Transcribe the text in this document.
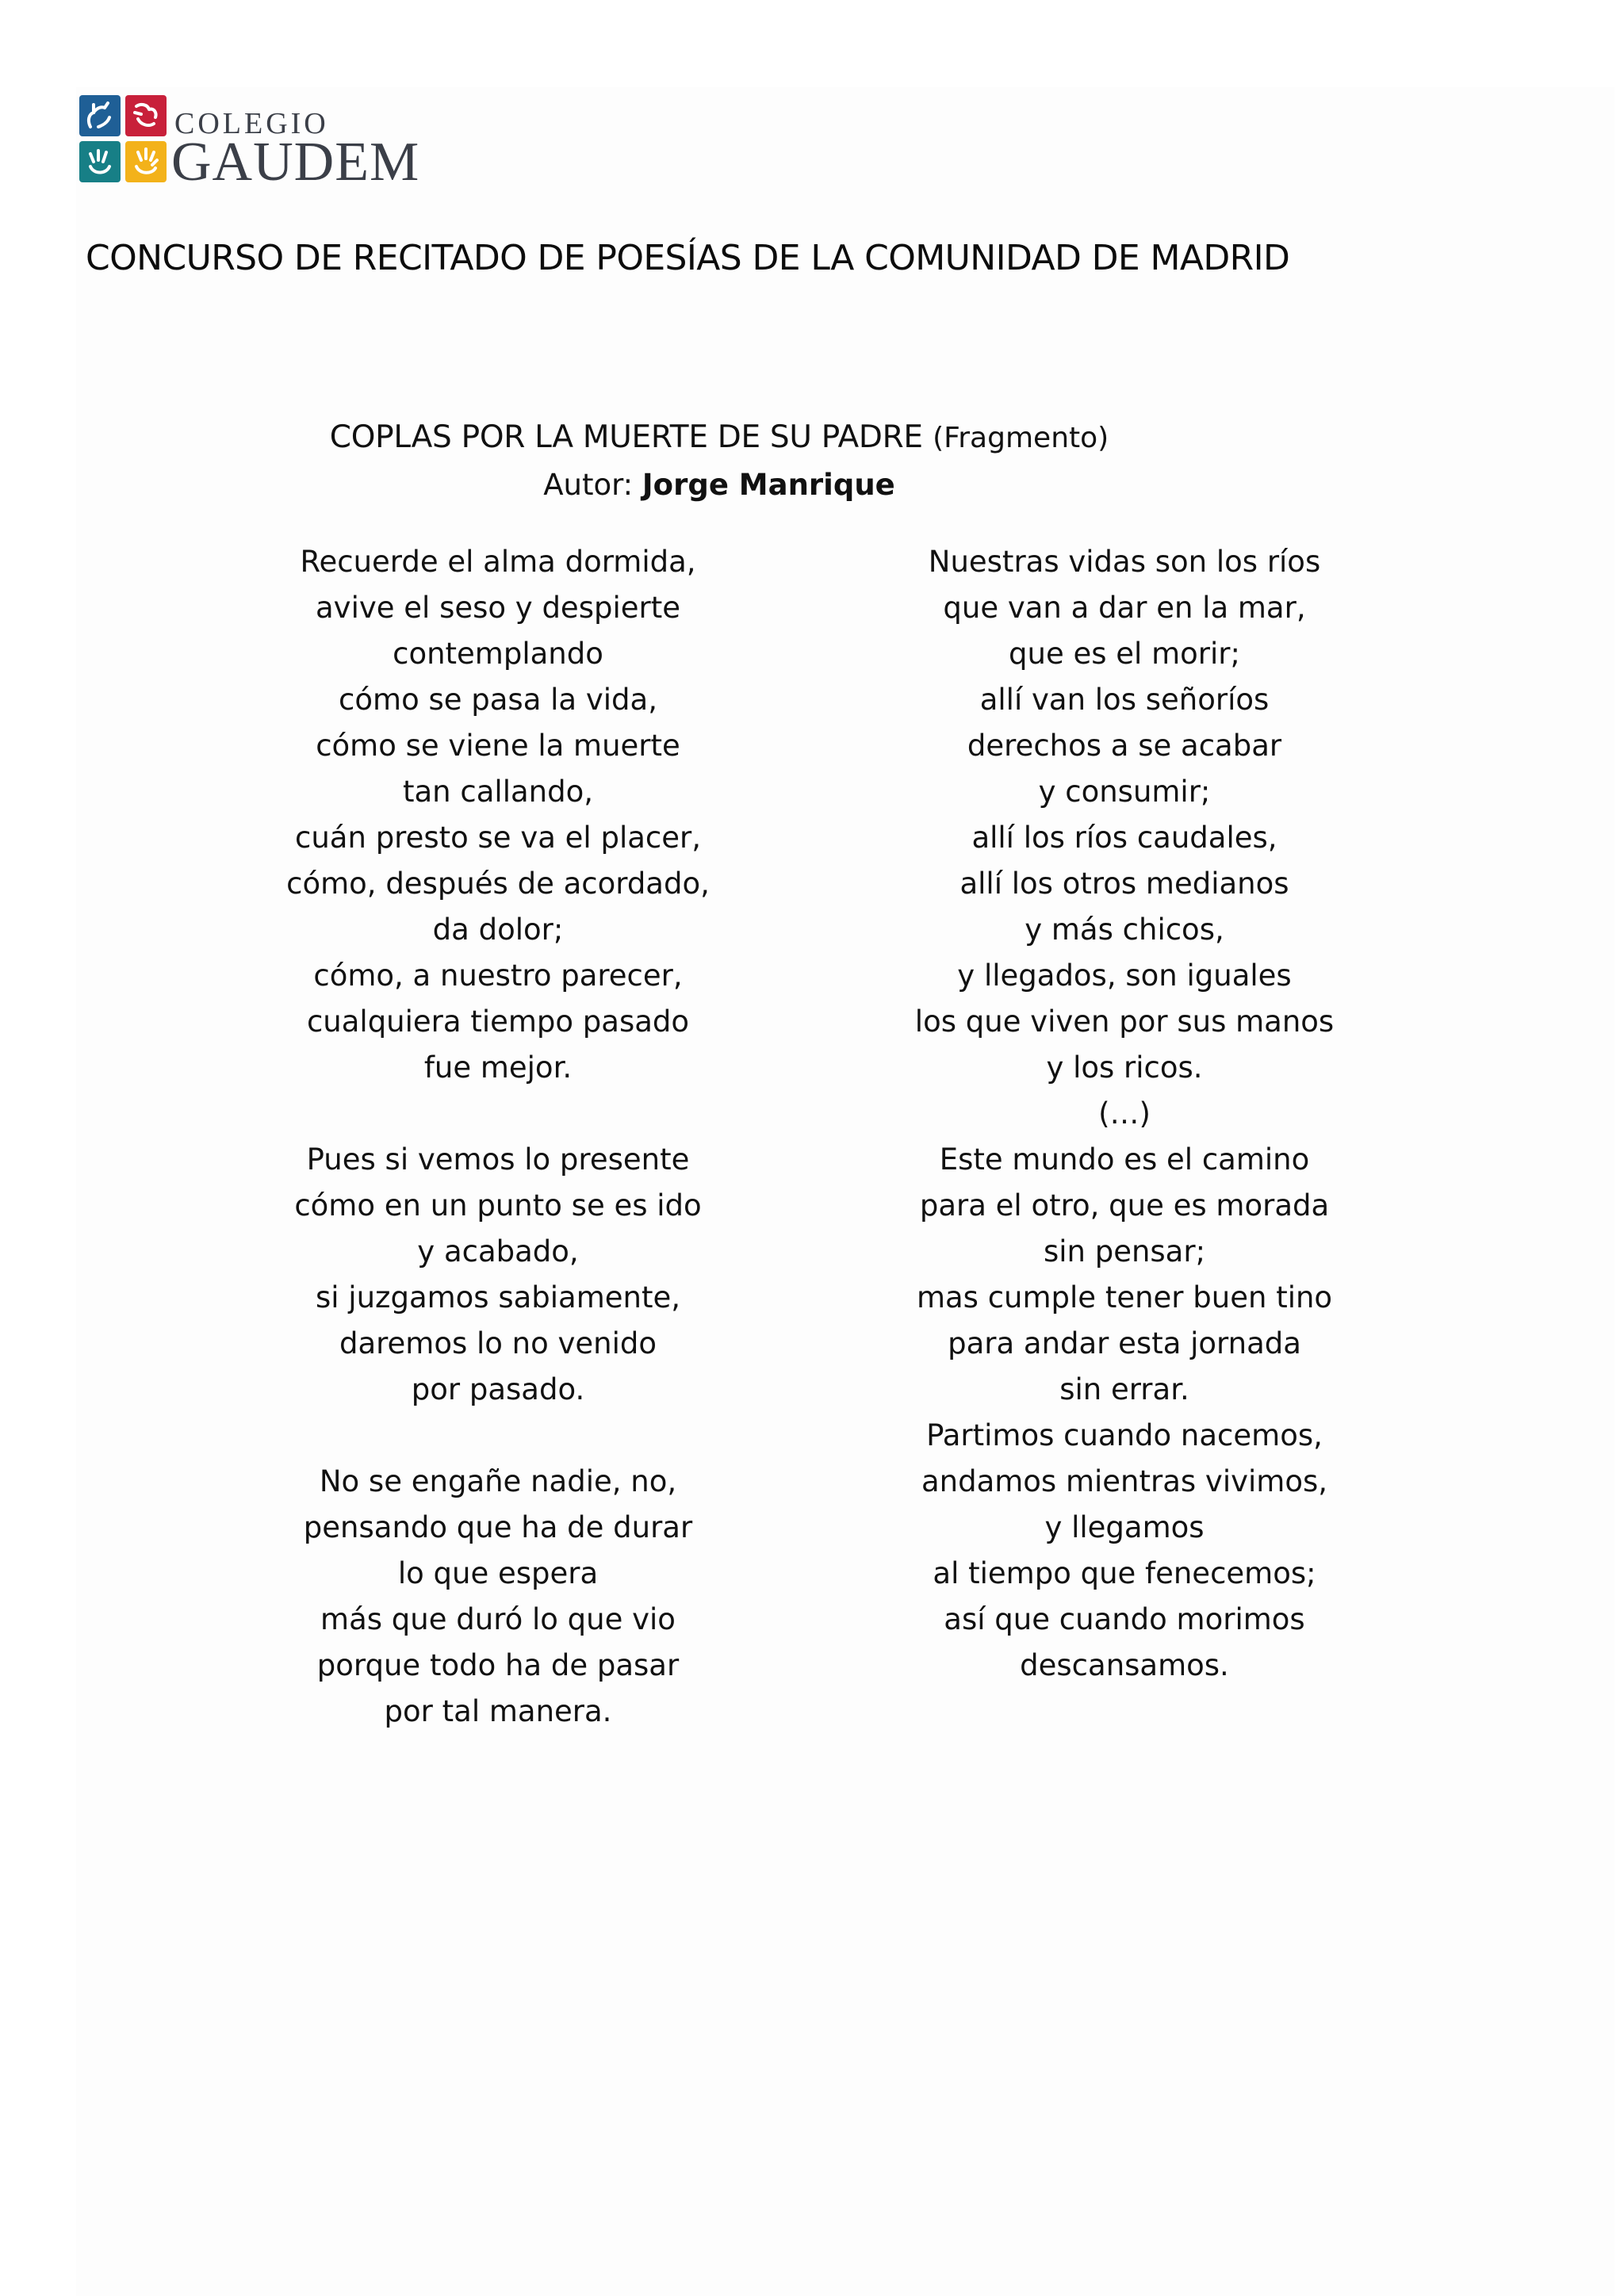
COLEGIO
GAUDEM
CONCURSO DE RECITADO DE POESÍAS DE LA COMUNIDAD DE MADRID
COPLAS POR LA MUERTE DE SU PADRE (Fragmento)
Autor: Jorge Manrique
Recuerde el alma dormida,
avive el seso y despierte
contemplando
cómo se pasa la vida,
cómo se viene la muerte
tan callando,
cuán presto se va el placer,
cómo, después de acordado,
da dolor;
cómo, a nuestro parecer,
cualquiera tiempo pasado
fue mejor.
Pues si vemos lo presente
cómo en un punto se es ido
y acabado,
si juzgamos sabiamente,
daremos lo no venido
por pasado.
No se engañe nadie, no,
pensando que ha de durar
lo que espera
más que duró lo que vio
porque todo ha de pasar
por tal manera.
Nuestras vidas son los ríos
que van a dar en la mar,
que es el morir;
allí van los señoríos
derechos a se acabar
y consumir;
allí los ríos caudales,
allí los otros medianos
y más chicos,
y llegados, son iguales
los que viven por sus manos
y los ricos.
(…)
Este mundo es el camino
para el otro, que es morada
sin pensar;
mas cumple tener buen tino
para andar esta jornada
sin errar.
Partimos cuando nacemos,
andamos mientras vivimos,
y llegamos
al tiempo que fenecemos;
así que cuando morimos
descansamos.
